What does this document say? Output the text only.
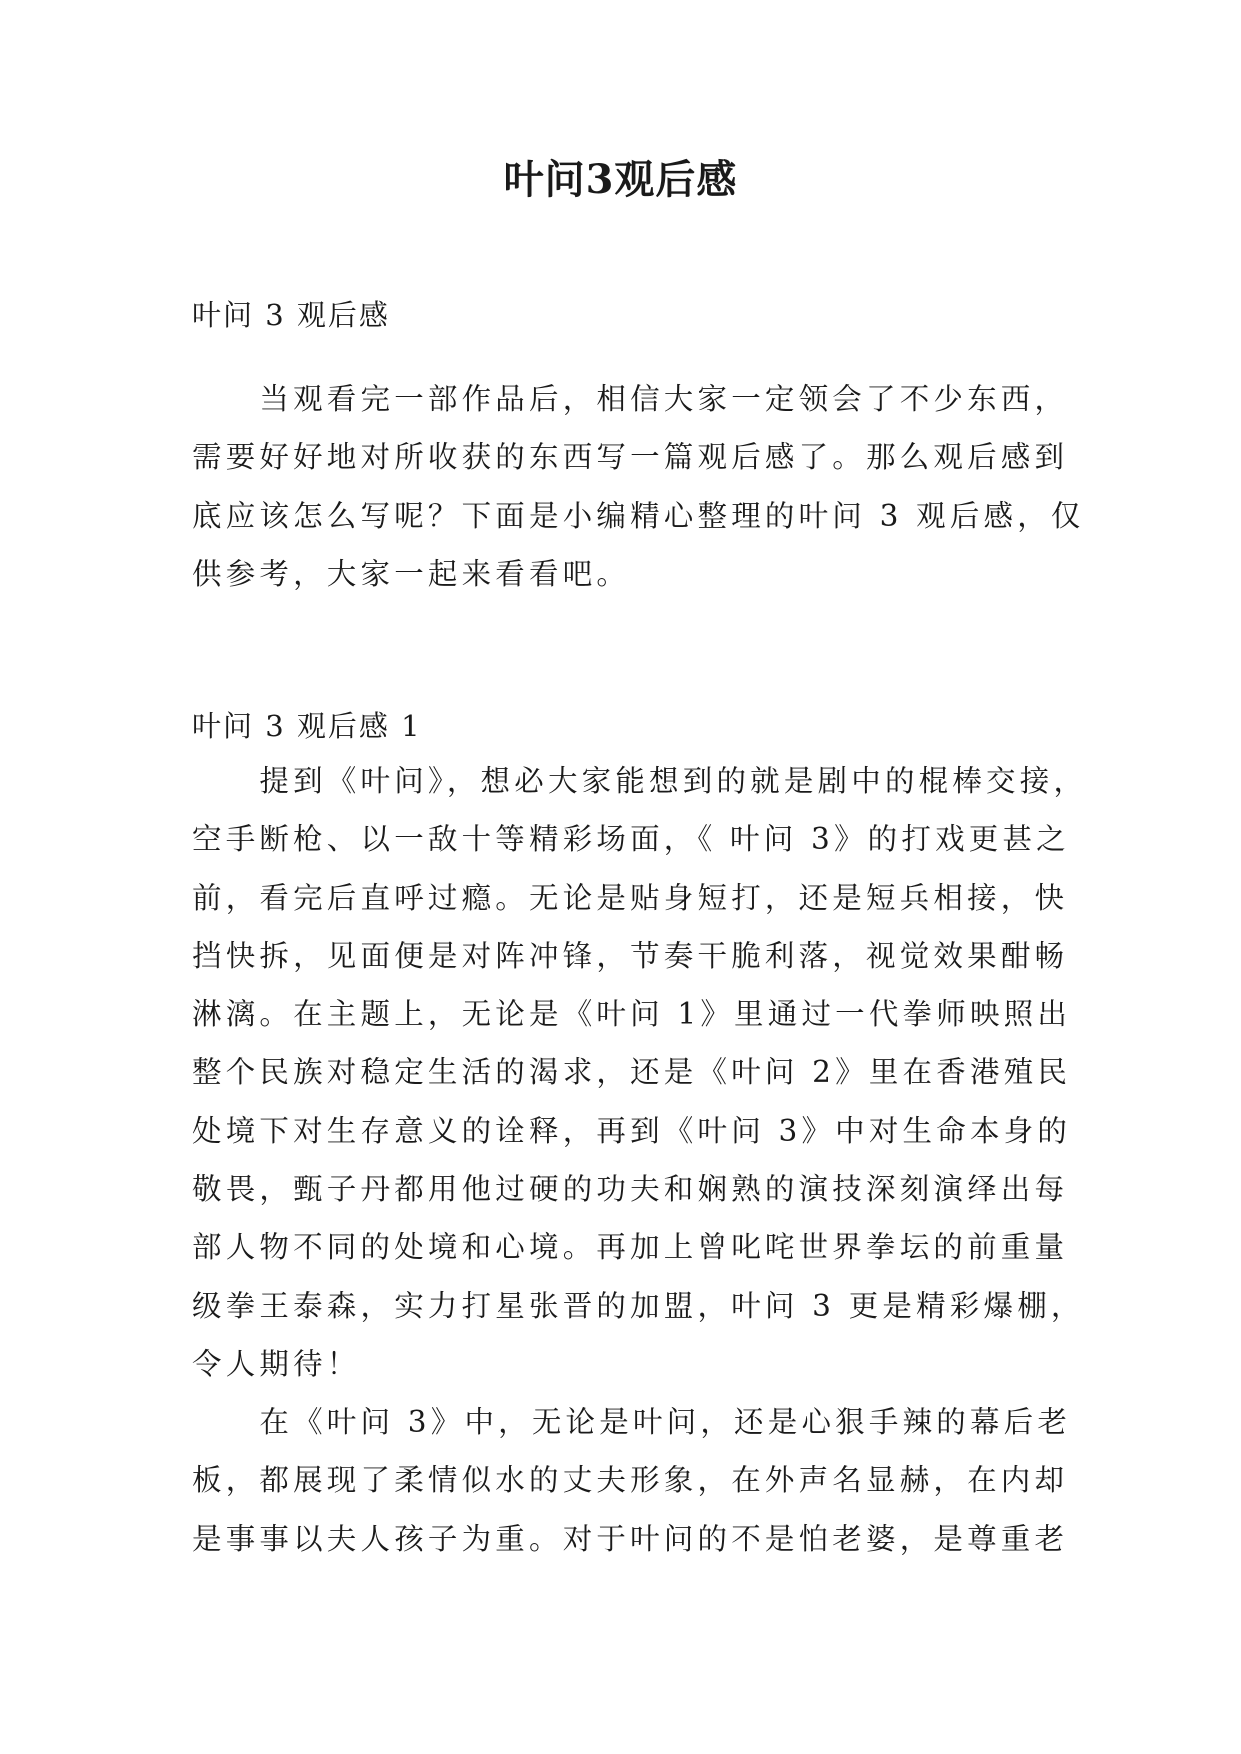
叶问3观后感
叶问 3 观后感
　　当观看完一部作品后，相信大家一定领会了不少东西，
需要好好地对所收获的东西写一篇观后感了。那么观后感到
底应该怎么写呢？下面是小编精心整理的叶问 3 观后感，仅
供参考，大家一起来看看吧。
叶问 3 观后感 1
　　提到《叶问》，想必大家能想到的就是剧中的棍棒交接，
空手断枪、以一敌十等精彩场面，《 叶问 3》的打戏更甚之
前，看完后直呼过瘾。无论是贴身短打，还是短兵相接，快
挡快拆，见面便是对阵冲锋，节奏干脆利落，视觉效果酣畅
淋漓。在主题上，无论是《叶问 1》里通过一代拳师映照出
整个民族对稳定生活的渴求，还是《叶问 2》里在香港殖民
处境下对生存意义的诠释，再到《叶问 3》中对生命本身的
敬畏，甄子丹都用他过硬的功夫和娴熟的演技深刻演绎出每
部人物不同的处境和心境。再加上曾叱咤世界拳坛的前重量
级拳王泰森，实力打星张晋的加盟，叶问 3 更是精彩爆棚，
令人期待！
　　在《叶问 3》中，无论是叶问，还是心狠手辣的幕后老
板，都展现了柔情似水的丈夫形象，在外声名显赫，在内却
是事事以夫人孩子为重。对于叶问的不是怕老婆，是尊重老
